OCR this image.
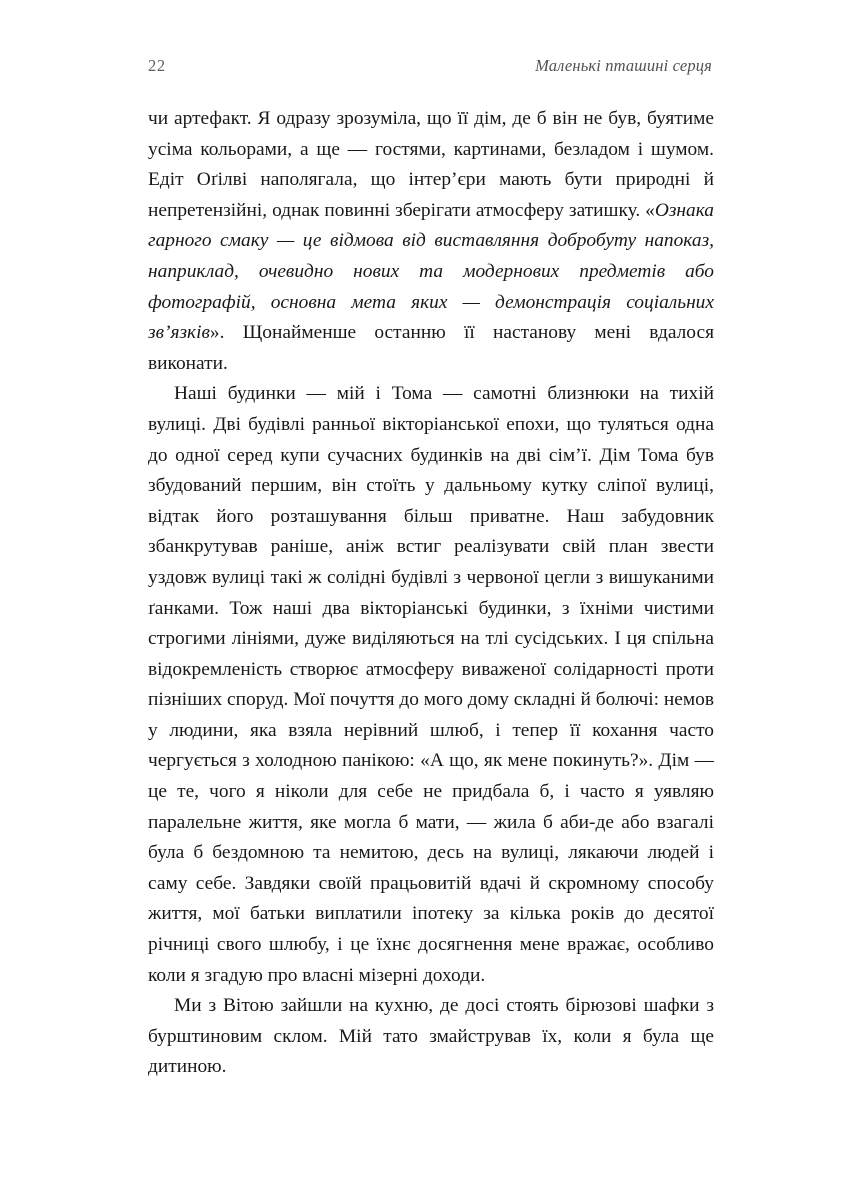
22	Маленькі пташині серця

чи артефакт. Я одразу зрозуміла, що її дім, де б він не був, буятиме усіма кольорами, а ще — гостями, картинами, безладом і шумом. Едіт Оґілві наполягала, що інтер’єри мають бути природні й непретензійні, однак повинні зберігати атмосферу затишку. «Ознака гарного смаку — це відмова від виставляння добробуту напоказ, наприклад, очевидно нових та модернових предметів або фотографій, основна мета яких — демонстрація соціальних зв’язків». Щонайменше останню її настанову мені вдалося виконати.

Наші будинки — мій і Тома — самотні близнюки на тихій вулиці. Дві будівлі ранньої вікторіанської епохи, що туляться одна до одної серед купи сучасних будинків на дві сім’ї. Дім Тома був збудований першим, він стоїть у дальньому кутку сліпої вулиці, відтак його розташування більш приватне. Наш забудовник збанкрутував раніше, аніж встиг реалізувати свій план звести уздовж вулиці такі ж солідні будівлі з червоної цегли з вишуканими ґанками. Тож наші два вікторіанські будинки, з їхніми чистими строгими лініями, дуже виділяються на тлі сусідських. І ця спільна відокремленість створює атмосферу виваженої солідарності проти пізніших споруд. Мої почуття до мого дому складні й болючі: немов у людини, яка взяла нерівний шлюб, і тепер її кохання часто чергується з холодною панікою: «А що, як мене покинуть?». Дім — це те, чого я ніколи для себе не придбала б, і часто я уявляю паралельне життя, яке могла б мати, — жила б аби-де або взагалі була б бездомною та немитою, десь на вулиці, лякаючи людей і саму себе. Завдяки своїй працьовитій вдачі й скромному способу життя, мої батьки виплатили іпотеку за кілька років до десятої річниці свого шлюбу, і це їхнє досягнення мене вражає, особливо коли я згадую про власні мізерні доходи.

Ми з Вітою зайшли на кухню, де досі стоять бірюзові шафки з бурштиновим склом. Мій тато змайстрував їх, коли я була ще дитиною.
